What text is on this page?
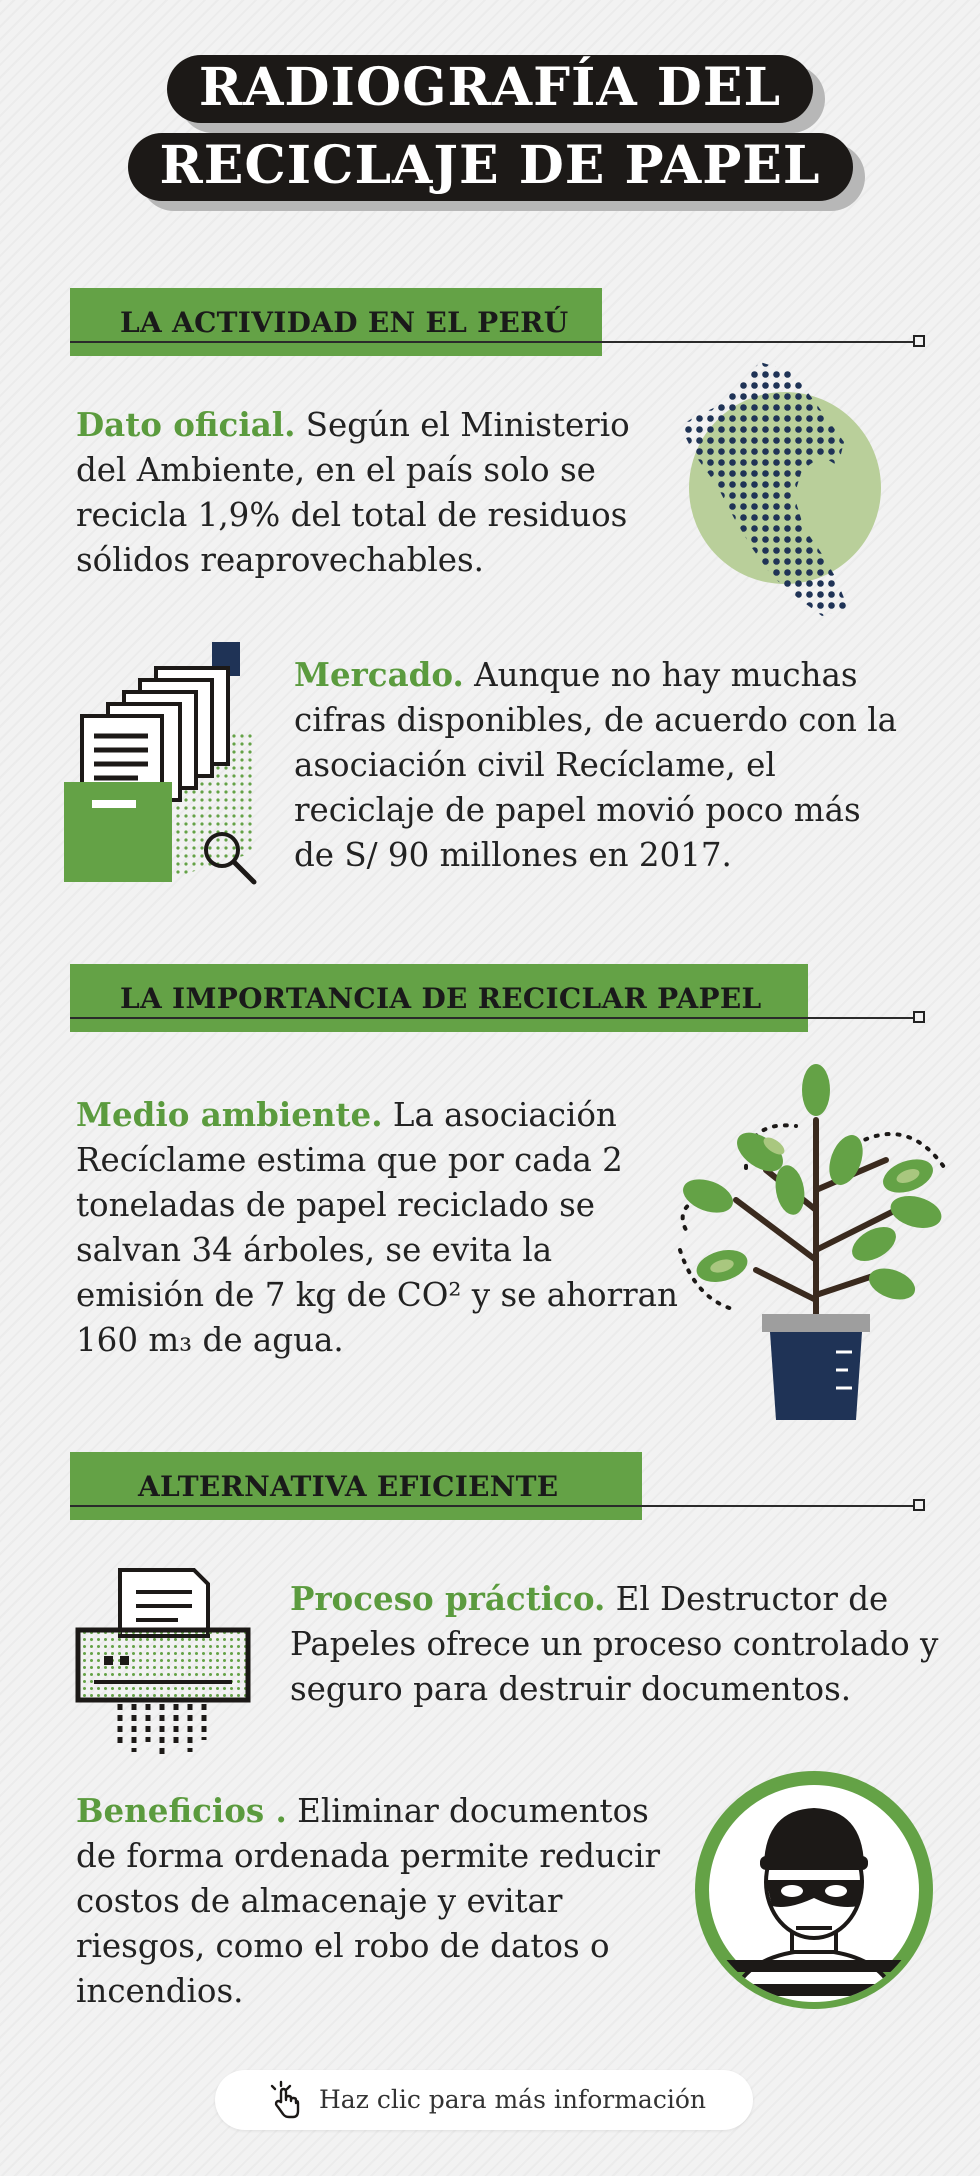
RADIOGRAFÍA DEL

RECICLAJE DE PAPEL
LA ACTIVIDAD EN EL PERÚ
Dato oficial. Según el Ministerio del Ambiente, en el país solo se recicla 1,9% del total de residuos sólidos reaprovechables.
Mercado. Aunque no hay muchas cifras disponibles, de acuerdo con la asociación civil Recíclame, el reciclaje de papel movió poco más de S/ 90 millones en 2017.
LA IMPORTANCIA DE RECICLAR PAPEL
Medio ambiente. La asociación Recíclame estima que por cada 2 toneladas de papel reciclado se salvan 34 árboles, se evita la emisión de 7 kg de CO² y se ahorran 160 m₃ de agua.
ALTERNATIVA EFICIENTE
Proceso práctico. El Destructor de Papeles ofrece un proceso controlado y seguro para destruir documentos.
Beneficios . Eliminar documentos de forma ordenada permite reducir costos de almacenaje y evitar riesgos, como el robo de datos o incendios.
Haz clic para más información
